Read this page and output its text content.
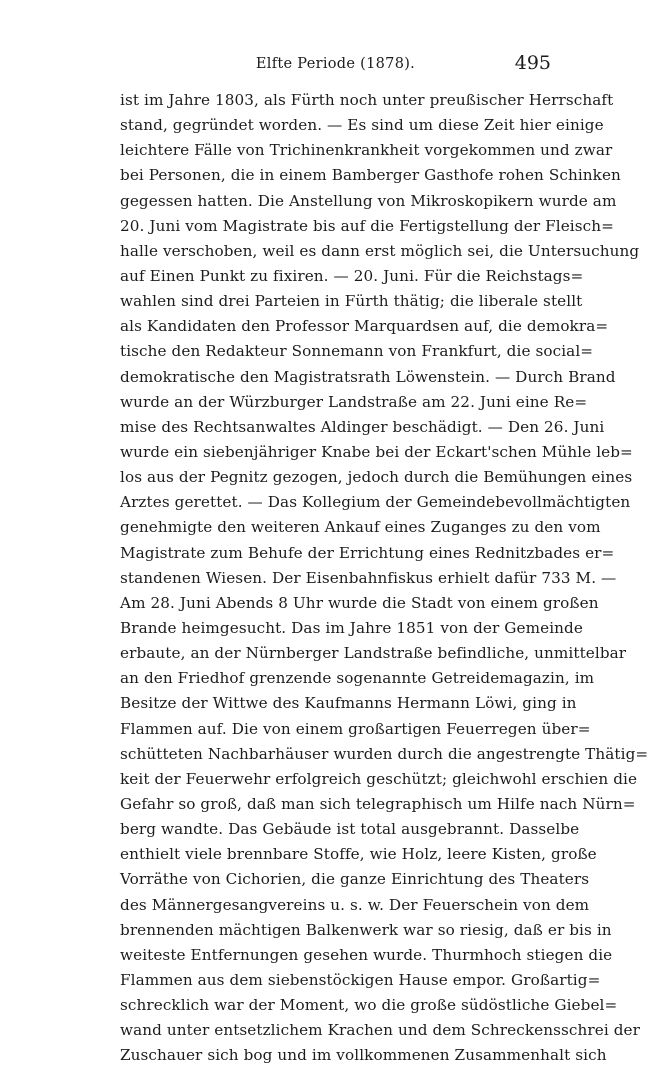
Elfte Periode (1878).	495
ist im Jahre 1803, als Fürth noch unter preußischer Herrschaft
stand, gegründet worden. — Es sind um diese Zeit hier einige
leichtere Fälle von Trichinenkrankheit vorgekommen und zwar
bei Personen, die in einem Bamberger Gasthofe rohen Schinken
gegessen hatten. Die Anstellung von Mikroskopikern wurde am
20. Juni vom Magistrate bis auf die Fertigstellung der Fleisch=
halle verschoben, weil es dann erst möglich sei, die Untersuchung
auf Einen Punkt zu fixiren. — 20. Juni. Für die Reichstags=
wahlen sind drei Parteien in Fürth thätig; die liberale stellt
als Kandidaten den Professor Marquardsen auf, die demokra=
tische den Redakteur Sonnemann von Frankfurt, die social=
demokratische den Magistratsrath Löwenstein. — Durch Brand
wurde an der Würzburger Landstraße am 22. Juni eine Re=
mise des Rechtsanwaltes Aldinger beschädigt. — Den 26. Juni
wurde ein siebenjähriger Knabe bei der Eckart'schen Mühle leb=
los aus der Pegnitz gezogen, jedoch durch die Bemühungen eines
Arztes gerettet. — Das Kollegium der Gemeindebevollmächtigten
genehmigte den weiteren Ankauf eines Zuganges zu den vom
Magistrate zum Behufe der Errichtung eines Rednitzbades er=
standenen Wiesen. Der Eisenbahnfiskus erhielt dafür 733 M. —
Am 28. Juni Abends 8 Uhr wurde die Stadt von einem großen
Brande heimgesucht. Das im Jahre 1851 von der Gemeinde
erbaute, an der Nürnberger Landstraße befindliche, unmittelbar
an den Friedhof grenzende sogenannte Getreidemagazin, im
Besitze der Wittwe des Kaufmanns Hermann Löwi, ging in
Flammen auf. Die von einem großartigen Feuerregen über=
schütteten Nachbarhäuser wurden durch die angestrengte Thätig=
keit der Feuerwehr erfolgreich geschützt; gleichwohl erschien die
Gefahr so groß, daß man sich telegraphisch um Hilfe nach Nürn=
berg wandte. Das Gebäude ist total ausgebrannt. Dasselbe
enthielt viele brennbare Stoffe, wie Holz, leere Kisten, große
Vorräthe von Cichorien, die ganze Einrichtung des Theaters
des Männergesangvereins u. s. w. Der Feuerschein von dem
brennenden mächtigen Balkenwerk war so riesig, daß er bis in
weiteste Entfernungen gesehen wurde. Thurmhoch stiegen die
Flammen aus dem siebenstöckigen Hause empor. Großartig=
schrecklich war der Moment, wo die große südöstliche Giebel=
wand unter entsetzlichem Krachen und dem Schreckensschrei der
Zuschauer sich bog und im vollkommenen Zusammenhalt sich
